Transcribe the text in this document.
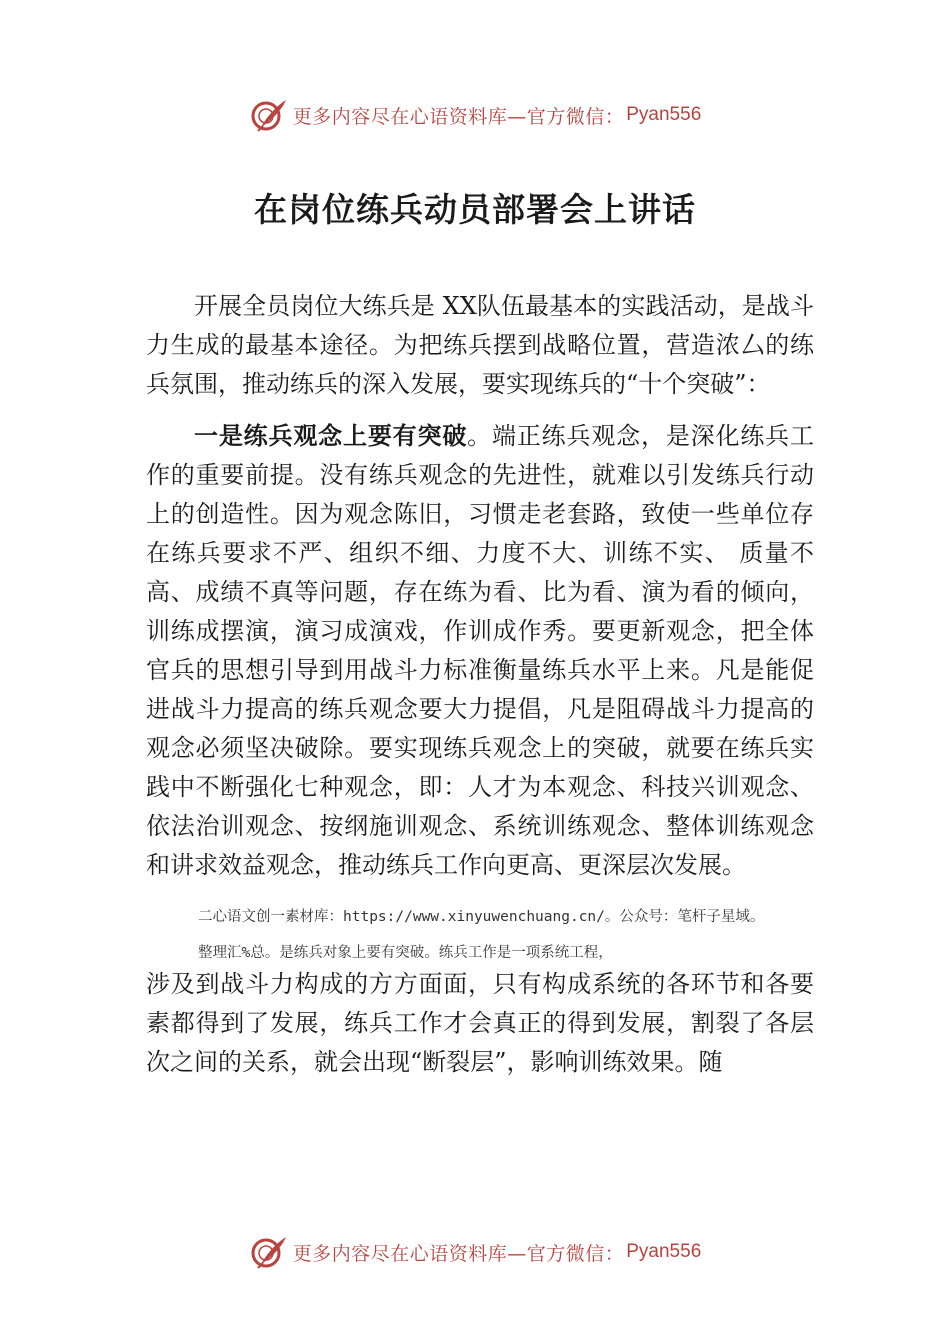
更多内容尽在心语资料库—官方微信： Pyan556
在岗位练兵动员部署会上讲话

开展全员岗位大练兵是 XX队伍最基本的实践活动，是战斗力生成的最基本途径。为把练兵摆到战略位置，营造浓厶的练兵氛围，推动练兵的深入发展，要实现练兵的“十个突破”：

一是练兵观念上要有突破。端正练兵观念，是深化练兵工作的重要前提。没有练兵观念的先进性，就难以引发练兵行动上的创造性。因为观念陈旧，习惯走老套路，致使一些单位存在练兵要求不严、组织不细、力度不大、训练不实、 质量不高、成绩不真等问题，存在练为看、比为看、演为看的倾向，训练成摆演，演习成演戏，作训成作秀。要更新观念，把全体官兵的思想引导到用战斗力标准衡量练兵水平上来。凡是能促进战斗力提高的练兵观念要大力提倡，凡是阻碍战斗力提高的观念必须坚决破除。要实现练兵观念上的突破，就要在练兵实践中不断强化七种观念，即：人才为本观念、科技兴训观念、依法治训观念、按纲施训观念、系统训练观念、整体训练观念和讲求效益观念，推动练兵工作向更高、更深层次发展。

二心语文创一素材库：https://www.xinyuwenchuang.cn/。公众号：笔杆子星域。

整理汇%总。是练兵对象上要有突破。练兵工作是一项系统工程，

涉及到战斗力构成的方方面面，只有构成系统的各环节和各要素都得到了发展，练兵工作才会真正的得到发展，割裂了各层次之间的关系，就会出现“断裂层”，影响训练效果。随

更多内容尽在心语资料库—官方微信： Pyan556
